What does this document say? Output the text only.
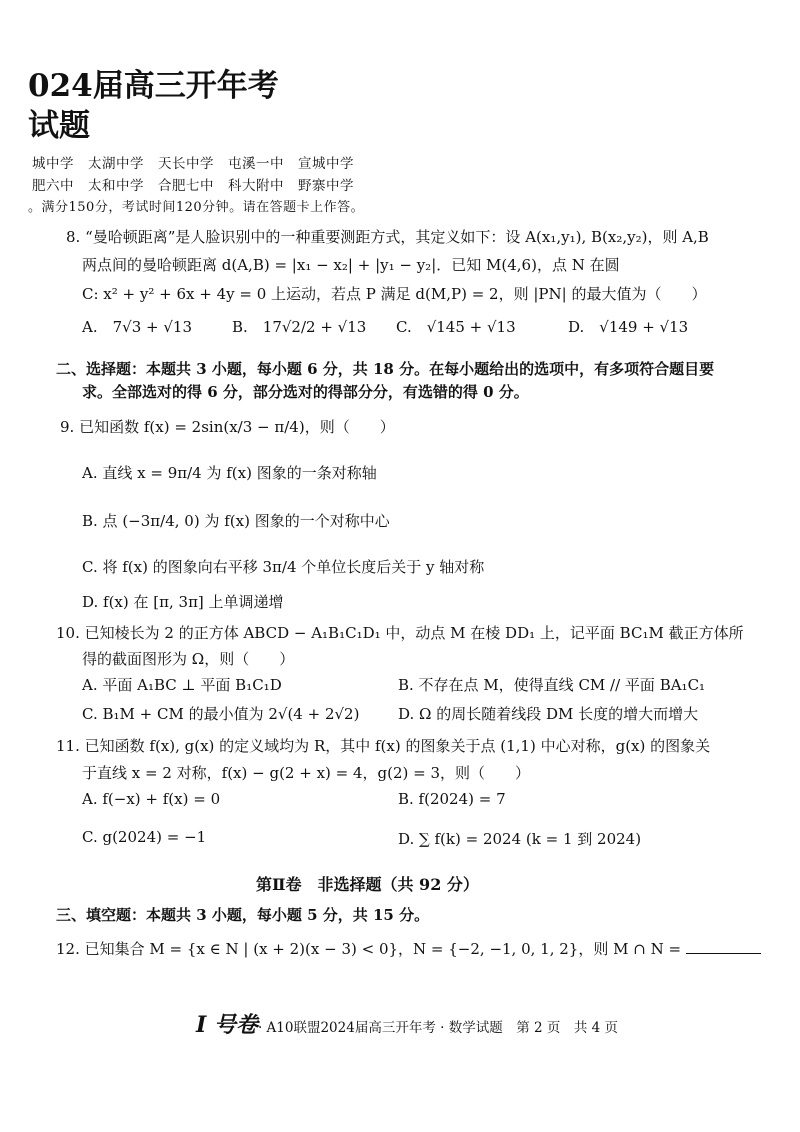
024届高三开年考
试题
城中学　太湖中学　天长中学　屯溪一中　宣城中学
肥六中　太和中学　合肥七中　科大附中　野寨中学
。满分150分，考试时间120分钟。请在答题卡上作答。
8. “曼哈顿距离”是人脸识别中的一种重要测距方式，其定义如下：设 A(x₁,y₁), B(x₂,y₂)，则 A,B
两点间的曼哈顿距离 d(A,B) = |x₁ − x₂| + |y₁ − y₂|．已知 M(4,6)，点 N 在圆
C: x² + y² + 6x + 4y = 0 上运动，若点 P 满足 d(M,P) = 2，则 |PN| 的最大值为（　　）
A.　7√3 + √13	B.　17√2/2 + √13 C.　√145 + √13	D.　√149 + √13
二、选择题：本题共 3 小题，每小题 6 分，共 18 分。在每小题给出的选项中，有多项符合题目要
求。全部选对的得 6 分，部分选对的得部分分，有选错的得 0 分。
9. 已知函数 f(x) = 2sin(x/3 − π/4)，则（　　）
A. 直线 x = 9π/4 为 f(x) 图象的一条对称轴
B. 点 (−3π/4, 0) 为 f(x) 图象的一个对称中心
C. 将 f(x) 的图象向右平移 3π/4 个单位长度后关于 y 轴对称
D. f(x) 在 [π, 3π] 上单调递增
10. 已知棱长为 2 的正方体 ABCD − A₁B₁C₁D₁ 中，动点 M 在棱 DD₁ 上，记平面 BC₁M 截正方体所
得的截面图形为 Ω，则（　　）
A. 平面 A₁BC ⊥ 平面 B₁C₁D	B. 不存在点 M，使得直线 CM // 平面 BA₁C₁
C. B₁M + CM 的最小值为 2√(4 + 2√2)	D. Ω 的周长随着线段 DM 长度的增大而增大
11. 已知函数 f(x), g(x) 的定义域均为 R，其中 f(x) 的图象关于点 (1,1) 中心对称，g(x) 的图象关
于直线 x = 2 对称，f(x) − g(2 + x) = 4，g(2) = 3，则（　　）
A. f(−x) + f(x) = 0	B. f(2024) = 7
C. g(2024) = −1	D. ∑ f(k) = 2024 (k = 1 到 2024)
第Ⅱ卷　非选择题（共 92 分）
三、填空题：本题共 3 小题，每小题 5 分，共 15 分。
12. 已知集合 M = {x ∈ N | (x + 2)(x − 3) < 0}，N = {−2, −1, 0, 1, 2}，则 M ∩ N =
I 号卷· A10联盟2024届高三开年考 · 数学试题　第 2 页　共 4 页
